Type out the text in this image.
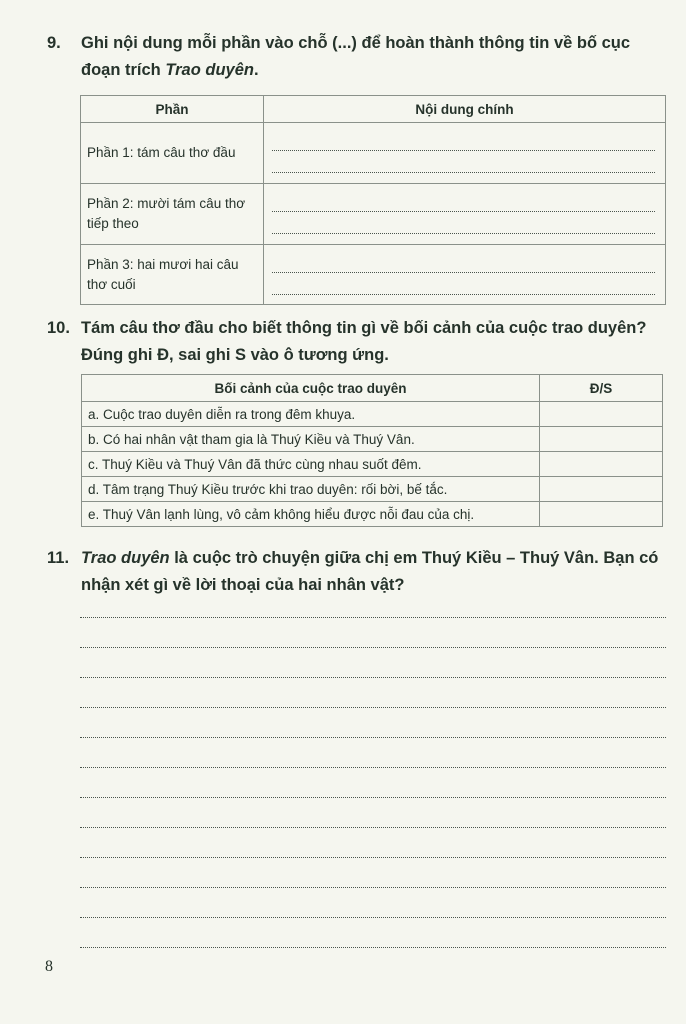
9. Ghi nội dung mỗi phần vào chỗ (...) để hoàn thành thông tin về bố cục
đoạn trích Trao duyên.
Phần	Nội dung chính
Phần 1: tám câu thơ đầu	

Phần 2: mười tám câu thơ tiếp theo	

Phần 3: hai mươi hai câu thơ cuối	
10. Tám câu thơ đầu cho biết thông tin gì về bối cảnh của cuộc trao duyên?
Đúng ghi Đ, sai ghi S vào ô tương ứng.
Bối cảnh của cuộc trao duyên	Đ/S
a. Cuộc trao duyên diễn ra trong đêm khuya.	
b. Có hai nhân vật tham gia là Thuý Kiều và Thuý Vân.	
c. Thuý Kiều và Thuý Vân đã thức cùng nhau suốt đêm.	
d. Tâm trạng Thuý Kiều trước khi trao duyên: rối bời, bế tắc.	
e. Thuý Vân lạnh lùng, vô cảm không hiểu được nỗi đau của chị.	
11. Trao duyên là cuộc trò chuyện giữa chị em Thuý Kiều – Thuý Vân. Bạn có
nhận xét gì về lời thoại của hai nhân vật?
8
